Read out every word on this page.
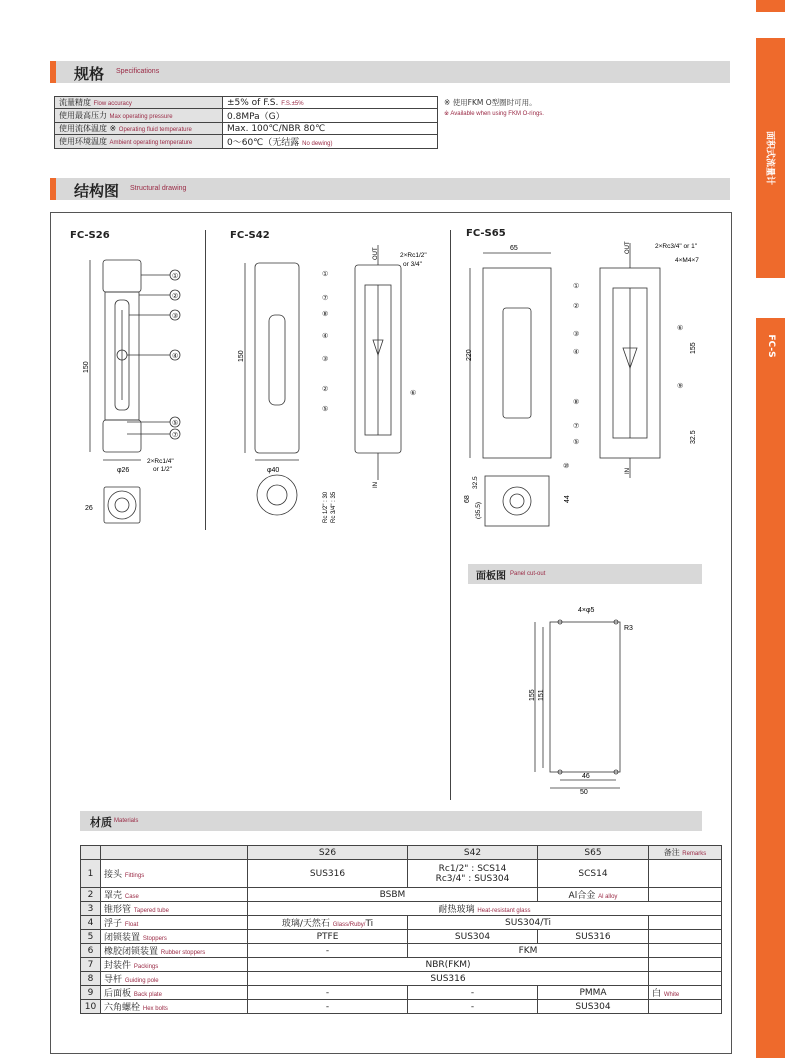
面积式流量计
FC-S
规格 Specifications
流量精度 Flow accuracy	±5% of F.S. F.S.±5%
使用最高压力 Max operating pressure	0.8MPa（G）
使用流体温度 ※ Operating fluid temperature	Max. 100℃/NBR 80℃
使用环境温度 Ambient operating temperature	0～60℃（无结露 No dewing)
※ 使用FKM O型圈时可用。
※ Available when using FKM O-rings.
结构图 Structural drawing
FC-S26	FC-S42	FC-S65
①
②
③
④
⑤
⑦
150
φ26
2×Rc1/4"
or 1/2"
26
①
⑦
⑧
④
③
②
⑤
⑥
150
φ40
2×Rc1/2"
or 3/4"
OUT
IN
Rc 1/2" : 30 Rc 3/4" : 35
①
②
③
④
⑧
⑦
⑤
⑥
⑨
⑩
65
220
155
32.5
2×Rc3/4" or 1"
4×M4×7
OUT
IN
68
32.5
(35.5)
44
面板图 Panel cut-out
4×φ5
R3
155 151
46
50
材质 Materials
		S26	S42	S65	备注 Remarks
1	接头 Fittings	SUS316	Rc1/2" : SCS14
Rc3/4" : SUS304	SCS14	
2	罩壳 Case	BSBM		Al合金 Al alloy	
3	锥形管 Tapered tube	耐热玻璃 Heat-resistant glass			
4	浮子 Float	玻璃/天然石 Glass/Ruby/Ti	SUS304/Ti		
5	闭锁装置 Stoppers	PTFE	SUS304	SUS316	
6	橡胶闭锁装置 Rubber stoppers	-	FKM		
7	封装件 Packings	NBR(FKM)			
8	导杆 Guiding pole	SUS316			
9	后面板 Back plate	-	-	PMMA	白 White
10	六角螺栓 Hex bolts	-	-	SUS304	
